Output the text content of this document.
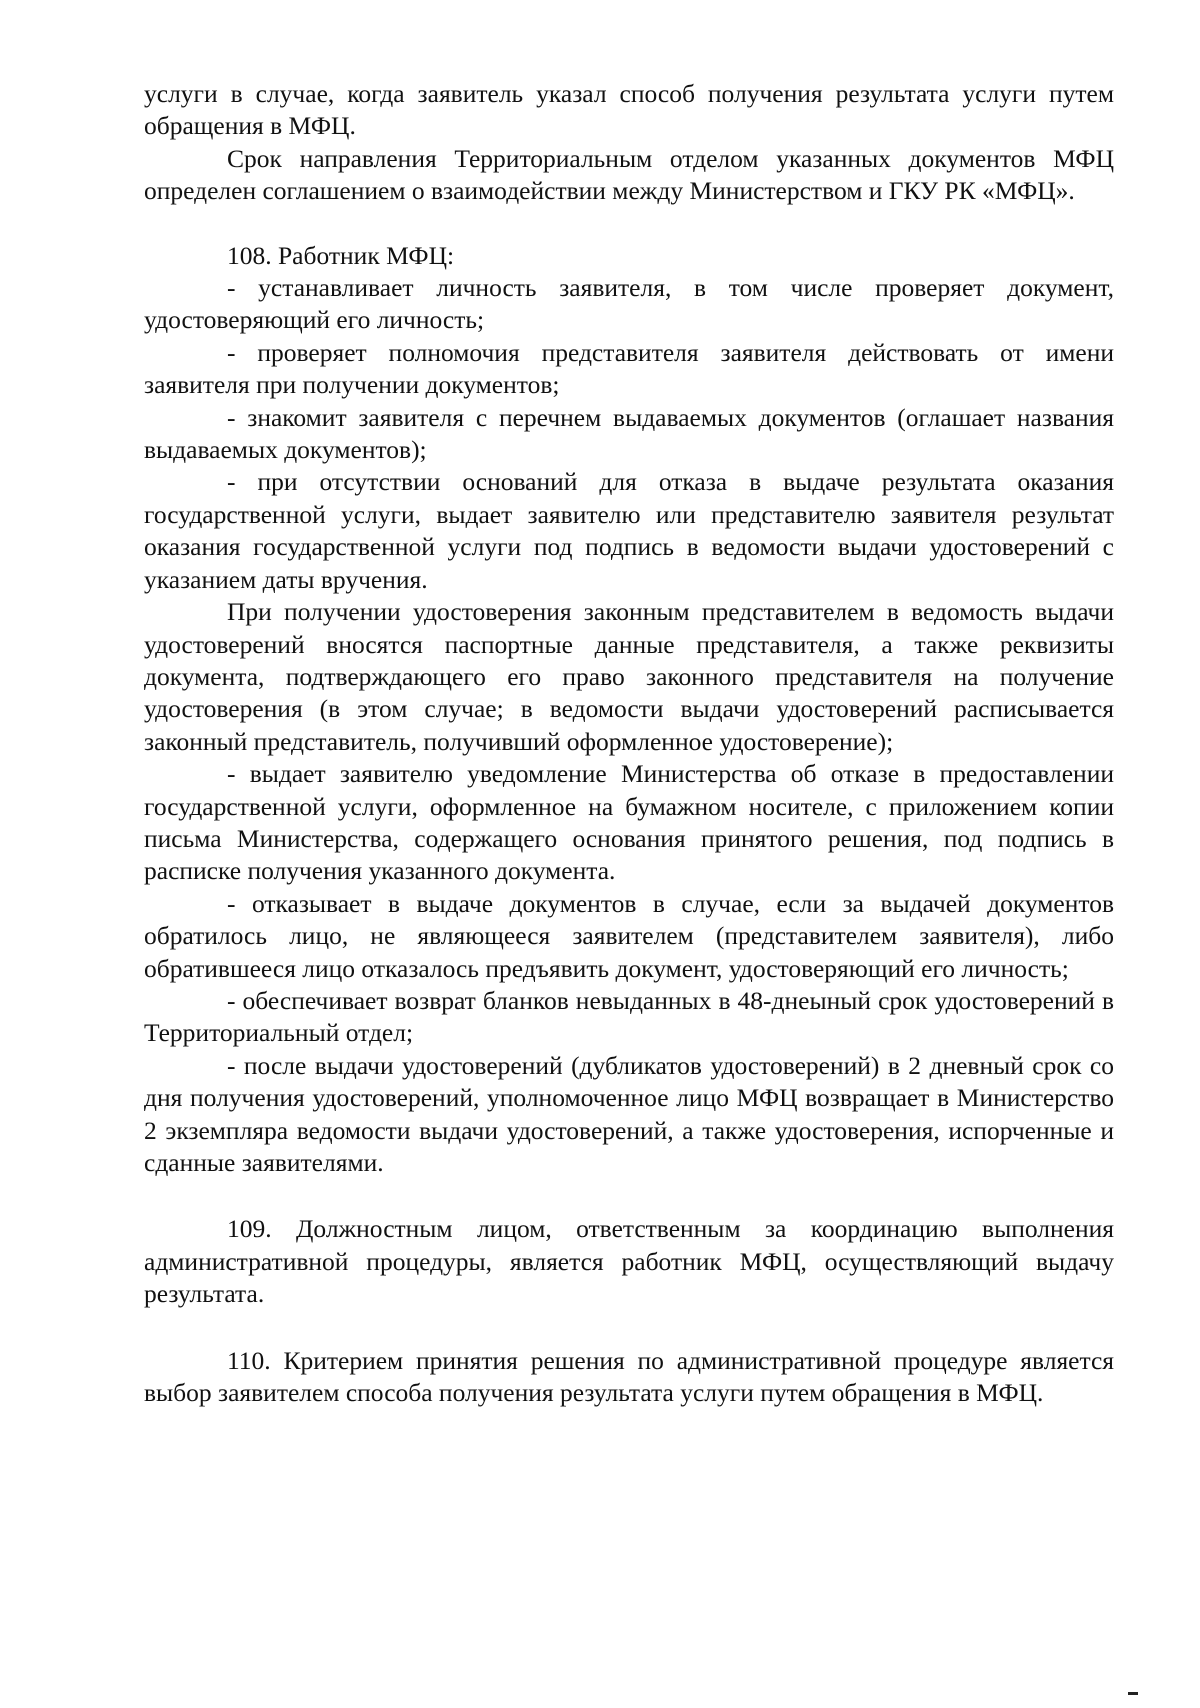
услуги в случае, когда заявитель указал способ получения результата услуги путем обращения в МФЦ.

Срок направления Территориальным отделом указанных документов МФЦ определен соглашением о взаимодействии между Министерством и ГКУ РК «МФЦ».

108. Работник МФЦ:

- устанавливает личность заявителя, в том числе проверяет документ, удостоверяющий его личность;

- проверяет полномочия представителя заявителя действовать от имени заявителя при получении документов;

- знакомит заявителя с перечнем выдаваемых документов (оглашает названия выдаваемых документов);

- при отсутствии оснований для отказа в выдаче результата оказания государственной услуги, выдает заявителю или представителю заявителя результат оказания государственной услуги под подпись в ведомости выдачи удостоверений с указанием даты вручения.

При получении удостоверения законным представителем в ведомость выдачи удостоверений вносятся паспортные данные представителя, а также реквизиты документа, подтверждающего его право законного представителя на получение удостоверения (в этом случае; в ведомости выдачи удостоверений расписывается законный представитель, получивший оформленное удостоверение);

- выдает заявителю уведомление Министерства об отказе в предоставлении государственной услуги, оформленное на бумажном носителе, с приложением копии письма Министерства, содержащего основания принятого решения, под подпись в расписке получения указанного документа.

- отказывает в выдаче документов в случае, если за выдачей документов обратилось лицо, не являющееся заявителем (представителем заявителя), либо обратившееся лицо отказалось предъявить документ, удостоверяющий его личность;

- обеспечивает возврат бланков невыданных в 48-днеыный срок удостоверений в Территориальный отдел;

- после выдачи удостоверений (дубликатов удостоверений) в 2 дневный срок со дня получения удостоверений, уполномоченное лицо МФЦ возвращает в Министерство 2 экземпляра ведомости выдачи удостоверений, а также удостоверения, испорченные и сданные заявителями.

109. Должностным лицом, ответственным за координацию выполнения административной процедуры, является работник МФЦ, осуществляющий выдачу результата.

110. Критерием принятия решения по административной процедуре является выбор заявителем способа получения результата услуги путем обращения в МФЦ.
